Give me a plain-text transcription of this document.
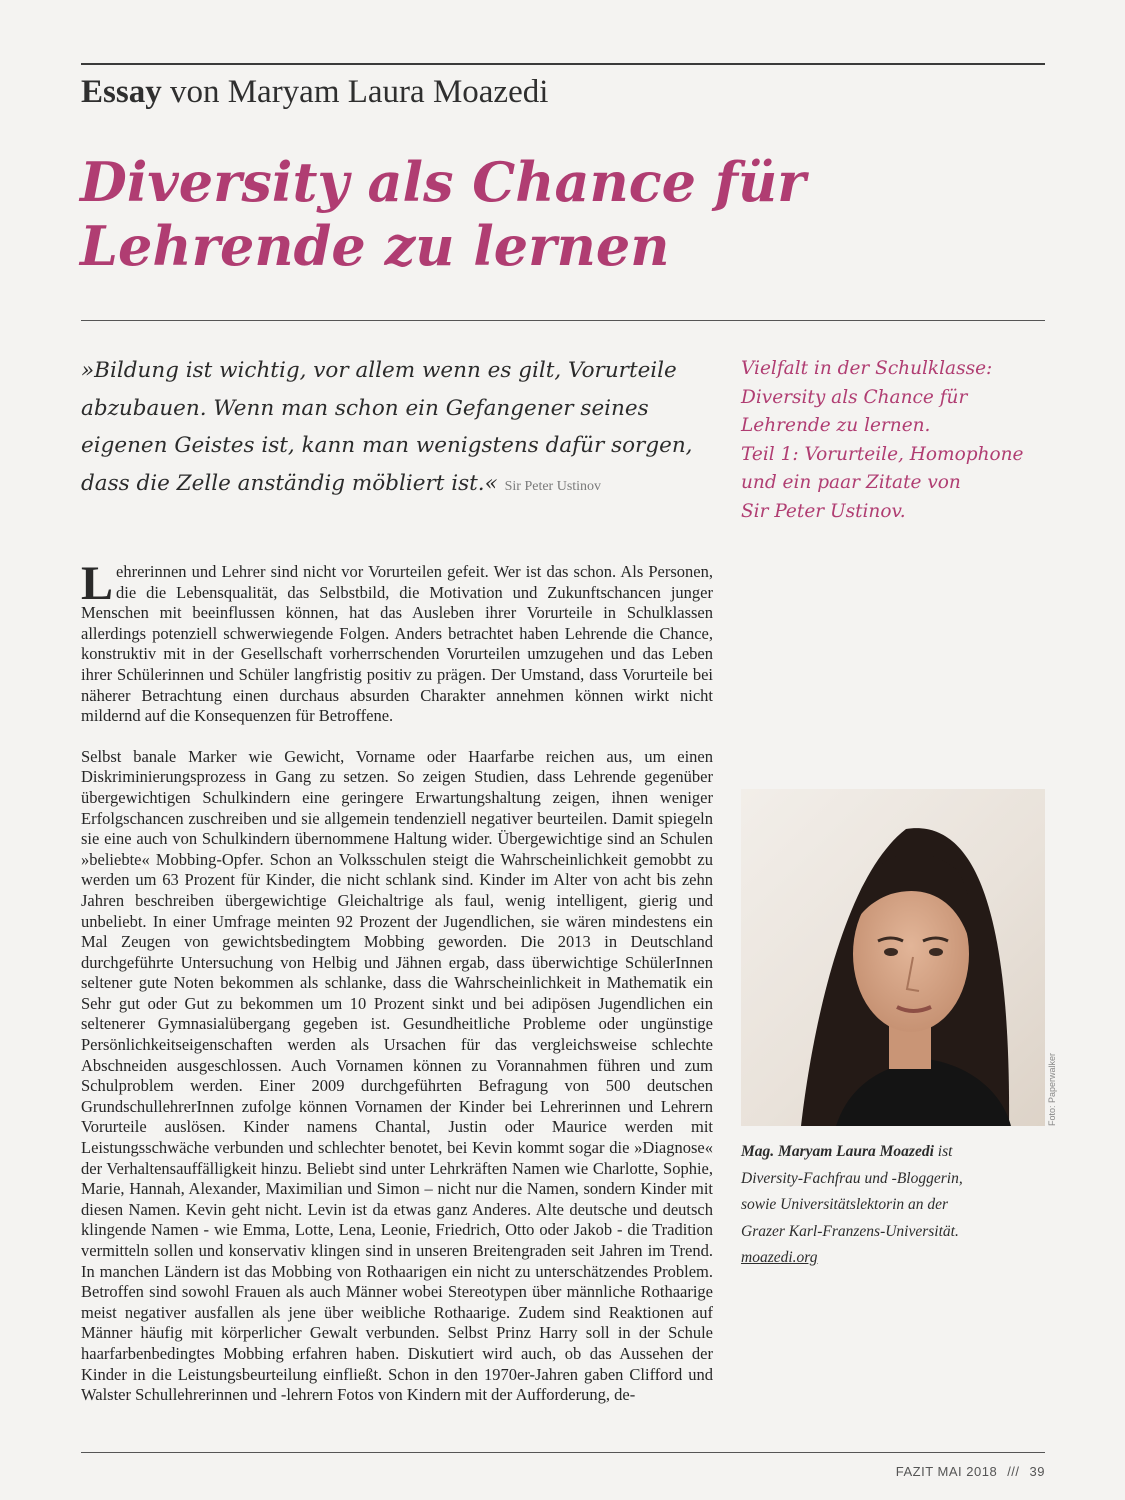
Essay von Maryam Laura Moazedi
Diversity als Chance für
Lehrende zu lernen
»Bildung ist wichtig, vor allem wenn es gilt, Vorurteile
abzubauen. Wenn man schon ein Gefangener seines
eigenen Geistes ist, kann man wenigstens dafür sorgen,
dass die Zelle anständig möbliert ist.« Sir Peter Ustinov
Vielfalt in der Schulklasse:
Diversity als Chance für
Lehrende zu lernen.
Teil 1: Vorurteile, Homophone
und ein paar Zitate von
Sir Peter Ustinov.

Lehrerinnen und Lehrer sind nicht vor Vorurteilen gefeit. Wer ist das schon. Als Personen, die die Lebensqualität, das Selbstbild, die Motivation und Zukunftschancen junger Menschen mit beeinflussen können, hat das Ausleben ihrer Vorurteile in Schulklassen allerdings potenziell schwerwiegende Folgen. Anders betrachtet haben Lehrende die Chance, konstruktiv mit in der Gesellschaft vorherrschenden Vorurteilen umzugehen und das Leben ihrer Schülerinnen und Schüler langfristig positiv zu prägen. Der Umstand, dass Vorurteile bei näherer Betrachtung einen durchaus absurden Charakter annehmen können wirkt nicht mildernd auf die Konsequenzen für Betroffene.

Selbst banale Marker wie Gewicht, Vorname oder Haarfarbe reichen aus, um einen Diskriminierungsprozess in Gang zu setzen. So zeigen Studien, dass Lehrende gegenüber übergewichtigen Schulkindern eine geringere Erwartungshaltung zeigen, ihnen weniger Erfolgschancen zuschreiben und sie allgemein tendenziell negativer beurteilen. Damit spiegeln sie eine auch von Schulkindern übernommene Haltung wider. Übergewichtige sind an Schulen »beliebte« Mobbing-Opfer. Schon an Volksschulen steigt die Wahrscheinlichkeit gemobbt zu werden um 63 Prozent für Kinder, die nicht schlank sind. Kinder im Alter von acht bis zehn Jahren beschreiben übergewichtige Gleichaltrige als faul, wenig intelligent, gierig und unbeliebt. In einer Umfrage meinten 92 Prozent der Jugendlichen, sie wären mindestens ein Mal Zeugen von gewichtsbedingtem Mobbing geworden. Die 2013 in Deutschland durchgeführte Untersuchung von Helbig und Jähnen ergab, dass überwichtige SchülerInnen seltener gute Noten bekommen als schlanke, dass die Wahrscheinlichkeit in Mathematik ein Sehr gut oder Gut zu bekommen um 10 Prozent sinkt und bei adipösen Jugendlichen ein seltenerer Gymnasialübergang gegeben ist. Gesundheitliche Probleme oder ungünstige Persönlichkeitseigenschaften werden als Ursachen für das vergleichsweise schlechte Abschneiden ausgeschlossen. Auch Vornamen können zu Vorannahmen führen und zum Schulproblem werden. Einer 2009 durchgeführten Befragung von 500 deutschen GrundschullehrerInnen zufolge können Vornamen der Kinder bei Lehrerinnen und Lehrern Vorurteile auslösen. Kinder namens Chantal, Justin oder Maurice werden mit Leistungsschwäche verbunden und schlechter benotet, bei Kevin kommt sogar die »Diagnose« der Verhaltensauffälligkeit hinzu. Beliebt sind unter Lehrkräften Namen wie Charlotte, Sophie, Marie, Hannah, Alexander, Maximilian und Simon – nicht nur die Namen, sondern Kinder mit diesen Namen. Kevin geht nicht. Levin ist da etwas ganz Anderes. Alte deutsche und deutsch klingende Namen - wie Emma, Lotte, Lena, Leonie, Friedrich, Otto oder Jakob - die Tradition vermitteln sollen und konservativ klingen sind in unseren Breitengraden seit Jahren im Trend. In manchen Ländern ist das Mobbing von Rothaarigen ein nicht zu unterschätzendes Problem. Betroffen sind sowohl Frauen als auch Männer wobei Stereotypen über männliche Rothaarige meist negativer ausfallen als jene über weibliche Rothaarige. Zudem sind Reaktionen auf Männer häufig mit körperlicher Gewalt verbunden. Selbst Prinz Harry soll in der Schule haarfarbenbedingtes Mobbing erfahren haben. Diskutiert wird auch, ob das Aussehen der Kinder in die Leistungsbeurteilung einfließt. Schon in den 1970er-Jahren gaben Clifford und Walster Schullehrerinnen und -lehrern Fotos von Kindern mit der Aufforderung, de-

Foto: Paperwalker
Mag. Maryam Laura Moazedi ist
Diversity-Fachfrau und -Bloggerin,
sowie Universitätslektorin an der
Grazer Karl-Franzens-Universität.
moazedi.org
FAZIT MAI 2018 /// 39
